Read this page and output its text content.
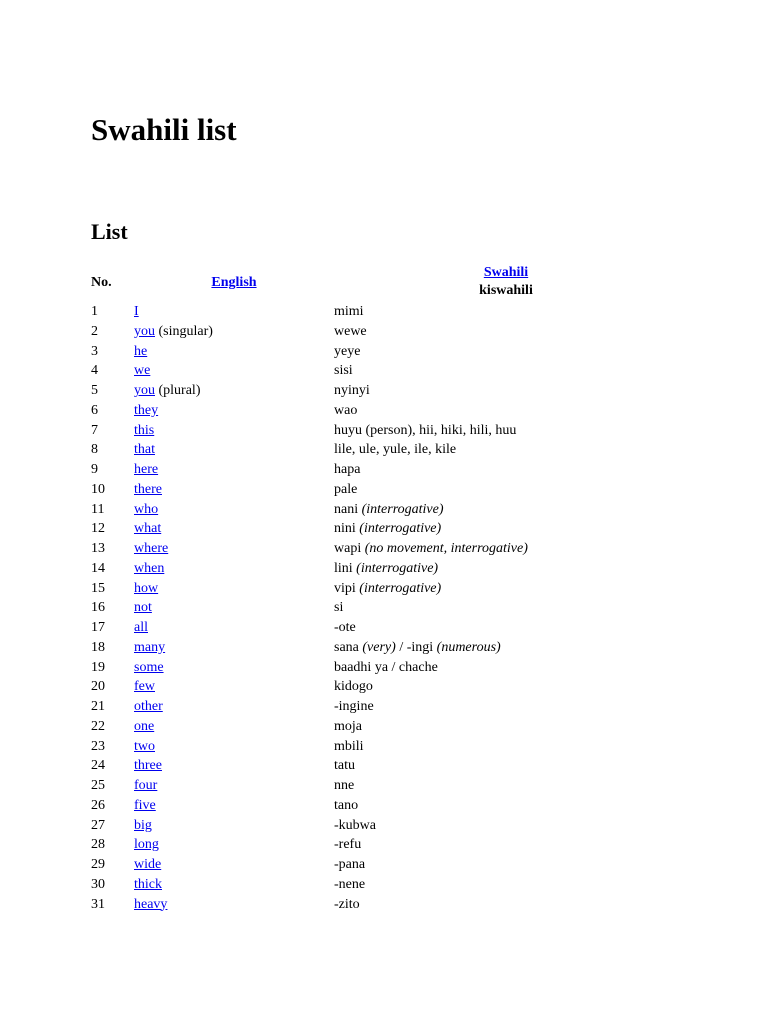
Swahili list
List
No.	English
Swahili
kiswahili
1	I	mimi
2	you (singular)	wewe
3	he	yeye
4	we	sisi
5	you (plural)	nyinyi
6	they	wao
7	this	huyu (person), hii, hiki, hili, huu
8	that	lile, ule, yule, ile, kile
9	here	hapa
10 there	pale
11 who	nani (interrogative)
12 what	nini (interrogative)
13 where	wapi (no movement, interrogative)
14 when	lini (interrogative)
15 how	vipi (interrogative)
16 not	si
17 all	-ote
18 many	sana (very) / -ingi (numerous)
19 some	baadhi ya / chache
20 few	kidogo
21 other	-ingine
22 one	moja
23 two	mbili
24 three	tatu
25 four	nne
26 five	tano
27 big	-kubwa
28 long	-refu
29 wide	-pana
30 thick	-nene
31 heavy	-zito
